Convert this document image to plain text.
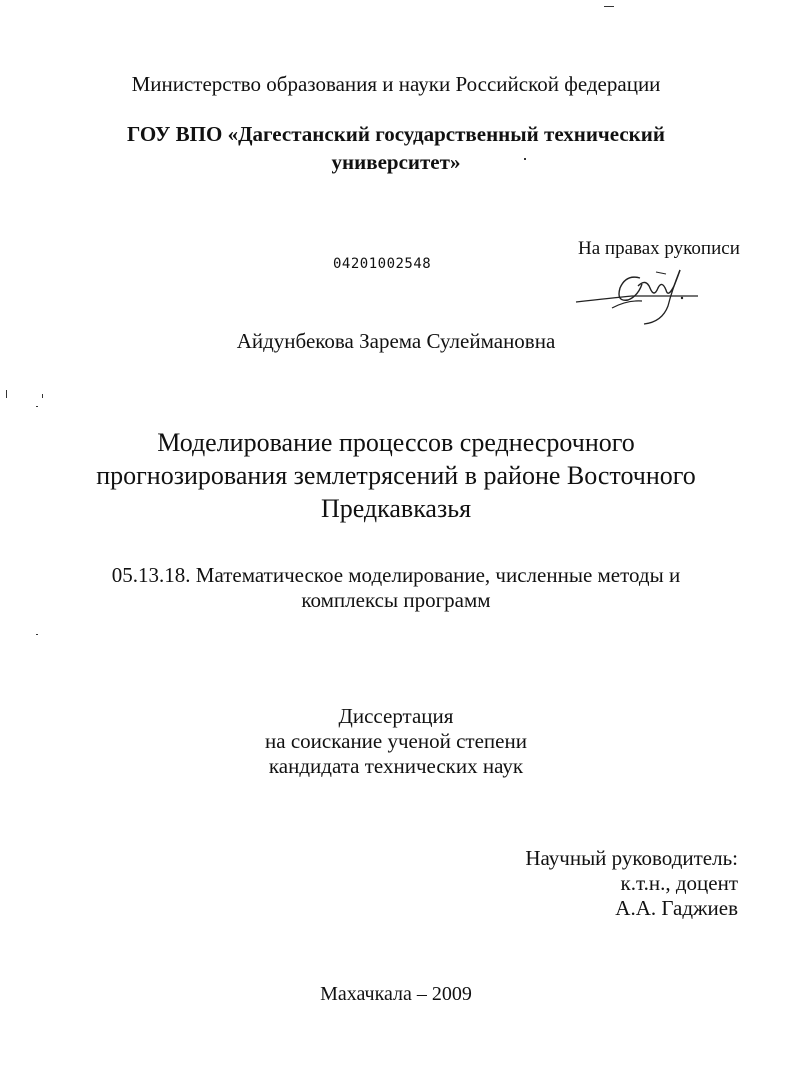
Министерство образования и науки Российской федерации
ГОУ ВПО «Дагестанский государственный технический
университет»
На правах рукописи
04201002548
Айдунбекова Зарема Сулеймановна
Моделирование процессов среднесрочного
прогнозирования землетрясений в районе Восточного
Предкавказья
05.13.18. Математическое моделирование, численные методы и
комплексы программ
Диссертация
на соискание ученой степени
кандидата технических наук
Научный руководитель:
к.т.н., доцент
А.А. Гаджиев
Махачкала – 2009
